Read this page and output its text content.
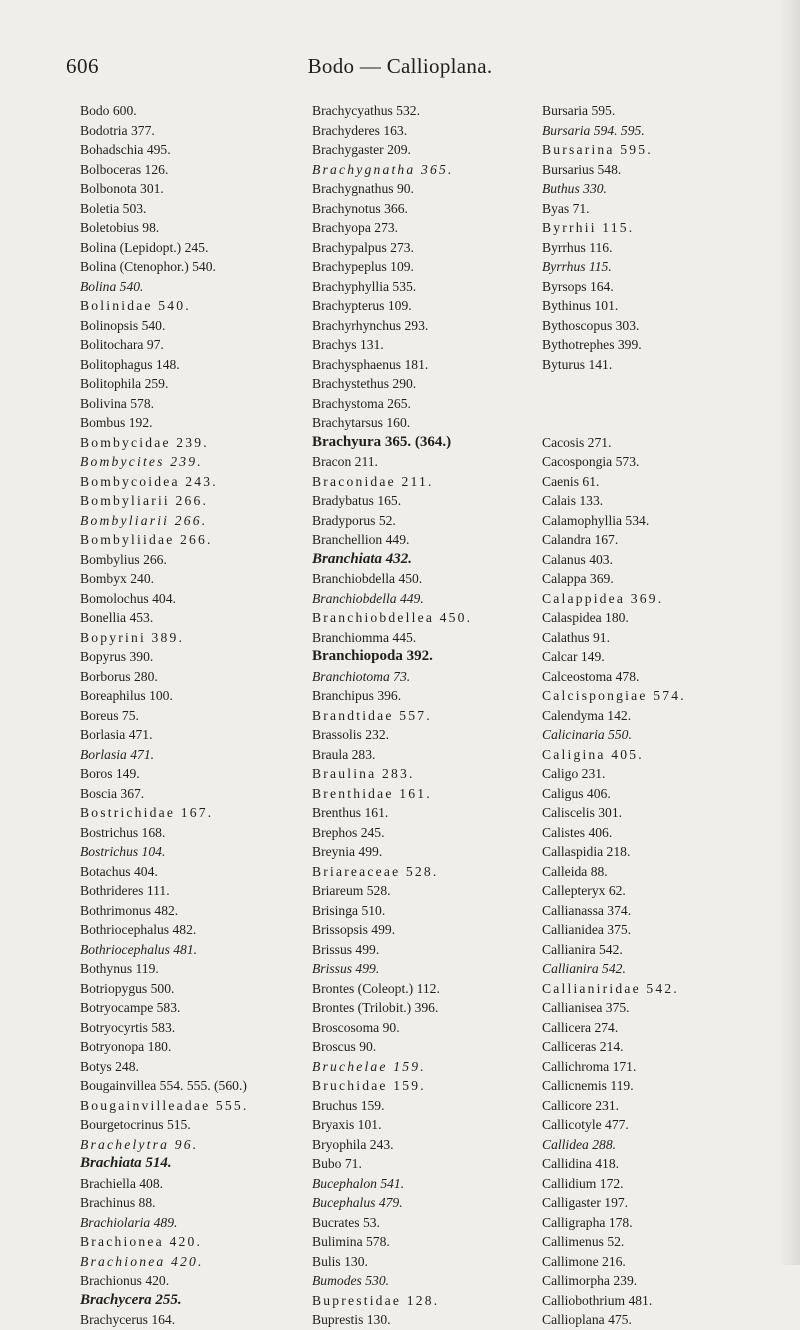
606	Bodo — Callioplana.
Bodo 600.
Bodotria 377.
Bohadschia 495.
Bolboceras 126.
Bolbonota 301.
Boletia 503.
Boletobius 98.
Bolina (Lepidopt.) 245.
Bolina (Ctenophor.) 540.
Bolina 540.
Bolinidae 540.
Bolinopsis 540.
Bolitochara 97.
Bolitophagus 148.
Bolitophila 259.
Bolivina 578.
Bombus 192.
Bombycidae 239.
Bombycites 239.
Bombycoidea 243.
Bombyliarii 266.
Bombyliarii 266.
Bombyliidae 266.
Bombylius 266.
Bombyx 240.
Bomolochus 404.
Bonellia 453.
Bopyrini 389.
Bopyrus 390.
Borborus 280.
Boreaphilus 100.
Boreus 75.
Borlasia 471.
Borlasia 471.
Boros 149.
Boscia 367.
Bostrichidae 167.
Bostrichus 168.
Bostrichus 104.
Botachus 404.
Bothrideres 111.
Bothrimonus 482.
Bothriocephalus 482.
Bothriocephalus 481.
Bothynus 119.
Botriopygus 500.
Botryocampe 583.
Botryocyrtis 583.
Botryonopa 180.
Botys 248.
Bougainvillea 554. 555. (560.)
Bougainvilleadae 555.
Bourgetocrinus 515.
Brachelytra 96.
Brachiata 514.
Brachiella 408.
Brachinus 88.
Brachiolaria 489.
Brachionea 420.
Brachionea 420.
Brachionus 420.
Brachycera 255.
Brachycerus 164.
Brachycyathus 532.
Brachyderes 163.
Brachygaster 209.
Brachygnatha 365.
Brachygnathus 90.
Brachynotus 366.
Brachyopa 273.
Brachypalpus 273.
Brachypeplus 109.
Brachyphyllia 535.
Brachypterus 109.
Brachyrhynchus 293.
Brachys 131.
Brachysphaenus 181.
Brachystethus 290.
Brachystoma 265.
Brachytarsus 160.
Brachyura 365. (364.)
Bracon 211.
Braconidae 211.
Bradybatus 165.
Bradyporus 52.
Branchellion 449.
Branchiata 432.
Branchiobdella 450.
Branchiobdella 449.
Branchiobdellea 450.
Branchiomma 445.
Branchiopoda 392.
Branchiotoma 73.
Branchipus 396.
Brandtidae 557.
Brassolis 232.
Braula 283.
Braulina 283.
Brenthidae 161.
Brenthus 161.
Brephos 245.
Breynia 499.
Briareaceae 528.
Briareum 528.
Brisinga 510.
Brissopsis 499.
Brissus 499.
Brissus 499.
Brontes (Coleopt.) 112.
Brontes (Trilobit.) 396.
Broscosoma 90.
Broscus 90.
Bruchelae 159.
Bruchidae 159.
Bruchus 159.
Bryaxis 101.
Bryophila 243.
Bubo 71.
Bucephalon 541.
Bucephalus 479.
Bucrates 53.
Bulimina 578.
Bulis 130.
Bumodes 530.
Buprestidae 128.
Buprestis 130.
Bursaria 595.
Bursaria 594. 595.
Bursarina 595.
Bursarius 548.
Buthus 330.
Byas 71.
Byrrhii 115.
Byrrhus 116.
Byrrhus 115.
Byrsops 164.
Bythinus 101.
Bythoscopus 303.
Bythotrephes 399.
Byturus 141.
Cacosis 271.
Cacospongia 573.
Caenis 61.
Calais 133.
Calamophyllia 534.
Calandra 167.
Calanus 403.
Calappa 369.
Calappidea 369.
Calaspidea 180.
Calathus 91.
Calcar 149.
Calceostoma 478.
Calcispongiae 574.
Calendyma 142.
Calicinaria 550.
Caligina 405.
Caligo 231.
Caligus 406.
Caliscelis 301.
Calistes 406.
Callaspidia 218.
Calleida 88.
Callepteryx 62.
Callianassa 374.
Callianidea 375.
Callianira 542.
Callianira 542.
Callianiridae 542.
Callianisea 375.
Callicera 274.
Calliceras 214.
Callichroma 171.
Callicnemis 119.
Callicore 231.
Callicotyle 477.
Callidea 288.
Callidina 418.
Callidium 172.
Calligaster 197.
Calligrapha 178.
Callimenus 52.
Callimone 216.
Callimorpha 239.
Calliobothrium 481.
Callioplana 475.
